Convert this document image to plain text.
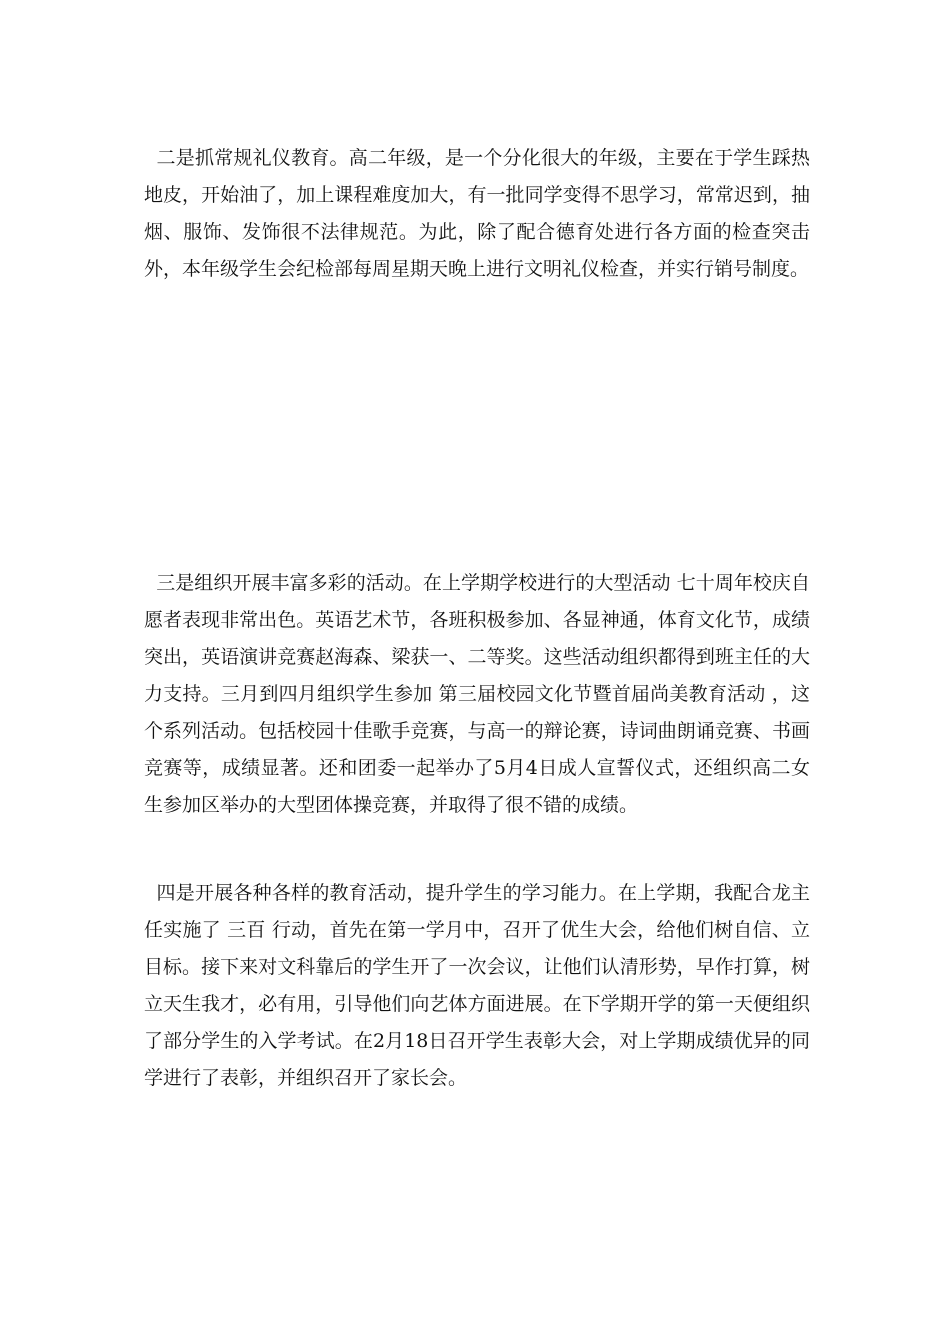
二是抓常规礼仪教育。高二年级，是一个分化很大的年级，主要在于学生踩热地皮，开始油了，加上课程难度加大，有一批同学变得不思学习，常常迟到，抽烟、服饰、发饰很不法律规范。为此，除了配合德育处进行各方面的检查突击外，本年级学生会纪检部每周星期天晚上进行文明礼仪检查，并实行销号制度。

三是组织开展丰富多彩的活动。在上学期学校进行的大型活动 七十周年校庆自愿者表现非常出色。英语艺术节，各班积极参加、各显神通，体育文化节，成绩突出，英语演讲竞赛赵海森、梁获一、二等奖。这些活动组织都得到班主任的大力支持。三月到四月组织学生参加 第三届校园文化节暨首届尚美教育活动 ，这个系列活动。包括校园十佳歌手竞赛，与高一的辩论赛，诗词曲朗诵竞赛、书画竞赛等，成绩显著。还和团委一起举办了5月4日成人宣誓仪式，还组织高二女生参加区举办的大型团体操竞赛，并取得了很不错的成绩。

四是开展各种各样的教育活动，提升学生的学习能力。在上学期，我配合龙主任实施了 三百 行动，首先在第一学月中，召开了优生大会，给他们树自信、立目标。接下来对文科靠后的学生开了一次会议，让他们认清形势，早作打算，树立天生我才，必有用，引导他们向艺体方面进展。在下学期开学的第一天便组织了部分学生的入学考试。在2月18日召开学生表彰大会，对上学期成绩优异的同学进行了表彰，并组织召开了家长会。
